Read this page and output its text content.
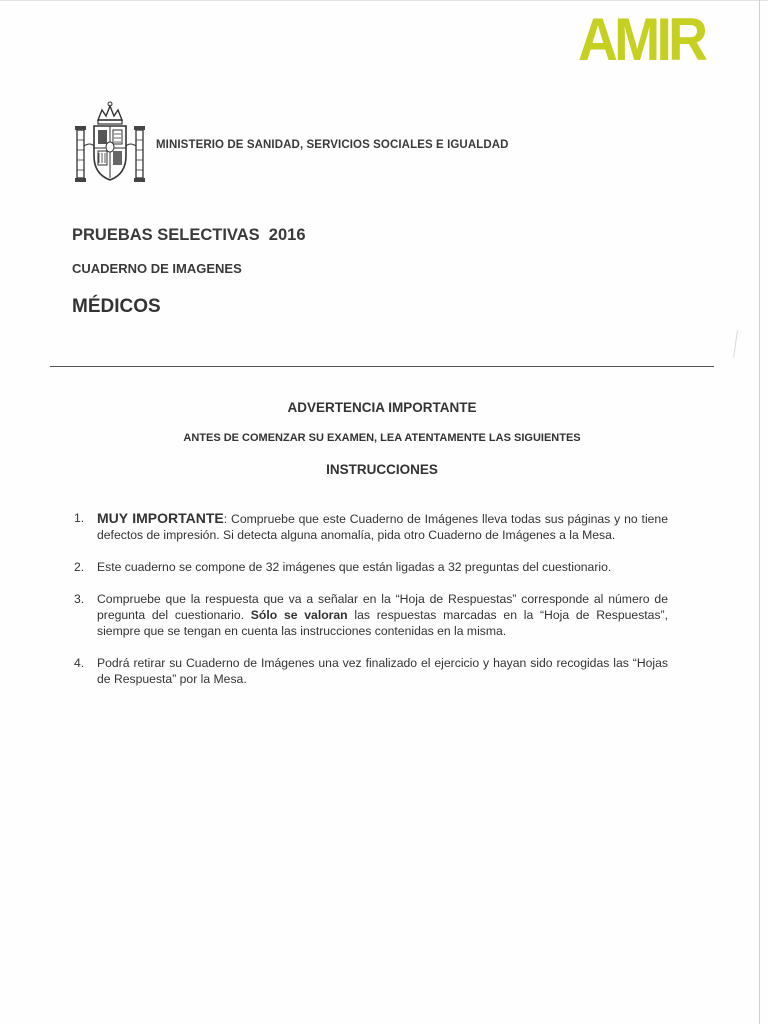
AMIR
MINISTERIO DE SANIDAD, SERVICIOS SOCIALES E IGUALDAD
PRUEBAS SELECTIVAS  2016
CUADERNO DE IMAGENES
MÉDICOS
ADVERTENCIA IMPORTANTE
ANTES DE COMENZAR SU EXAMEN, LEA ATENTAMENTE LAS SIGUIENTES
INSTRUCCIONES
1. MUY IMPORTANTE: Compruebe que este Cuaderno de Imágenes lleva todas sus páginas y no tiene defectos de impresión. Si detecta alguna anomalía, pida otro Cuaderno de Imágenes a la Mesa.
2. Este cuaderno se compone de 32 imágenes que están ligadas a 32 preguntas del cuestionario.
3. Compruebe que la respuesta que va a señalar en la “Hoja de Respuestas” corresponde al número de pregunta del cuestionario. Sólo se valoran las respuestas marcadas en la “Hoja de Respuestas”, siempre que se tengan en cuenta las instrucciones contenidas en la misma.
4. Podrá retirar su Cuaderno de Imágenes una vez finalizado el ejercicio y hayan sido recogidas las “Hojas de Respuesta” por la Mesa.
